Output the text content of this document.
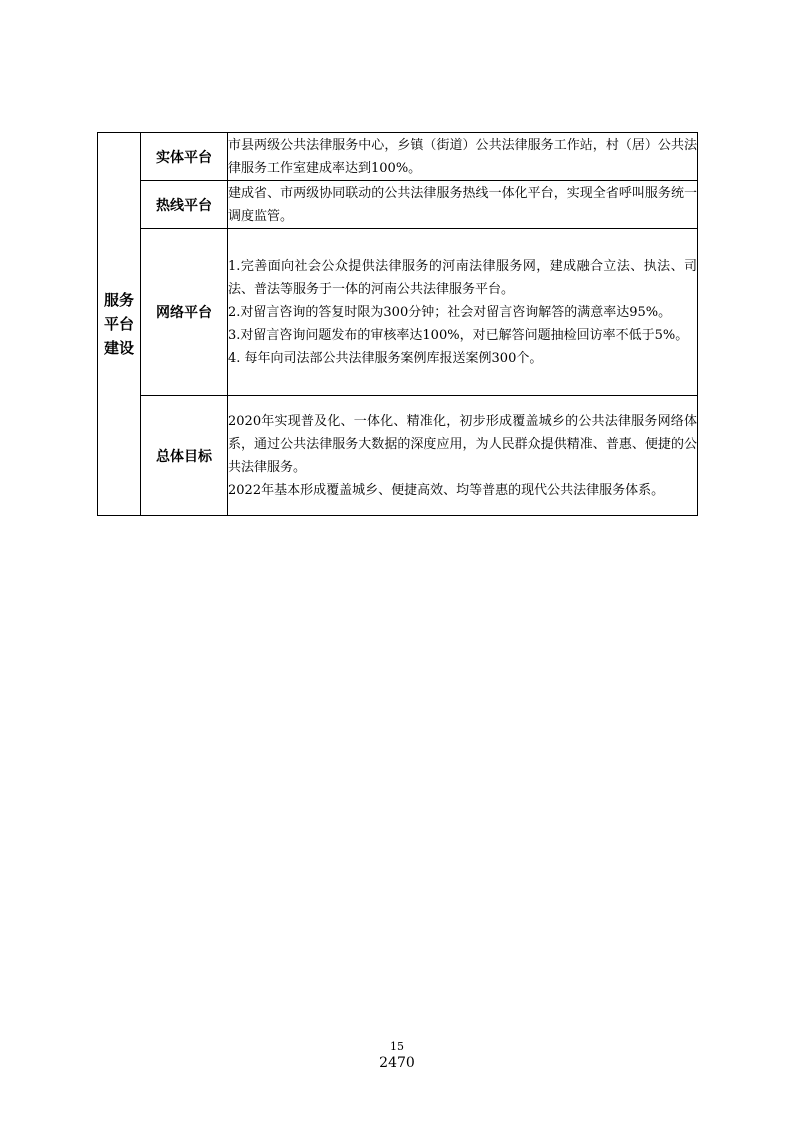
服务平台建设	实体平台	市县两级公共法律服务中心，乡镇（街道）公共法律服务工作站，村（居）公共法律服务工作室建成率达到100%。

	热线平台	建成省、市两级协同联动的公共法律服务热线一体化平台，实现全省呼叫服务统一调度监管。

	网络平台	1.完善面向社会公众提供法律服务的河南法律服务网，建成融合立法、执法、司法、普法等服务于一体的河南公共法律服务平台。

2.对留言咨询的答复时限为300分钟；社会对留言咨询解答的满意率达95%。

3.对留言咨询问题发布的审核率达100%，对已解答问题抽检回访率不低于5%。

4. 每年向司法部公共法律服务案例库报送案例300个。

	总体目标	2020年实现普及化、一体化、精准化，初步形成覆盖城乡的公共法律服务网络体系，通过公共法律服务大数据的深度应用，为人民群众提供精准、普惠、便捷的公共法律服务。

2022年基本形成覆盖城乡、便捷高效、均等普惠的现代公共法律服务体系。

15
2470
